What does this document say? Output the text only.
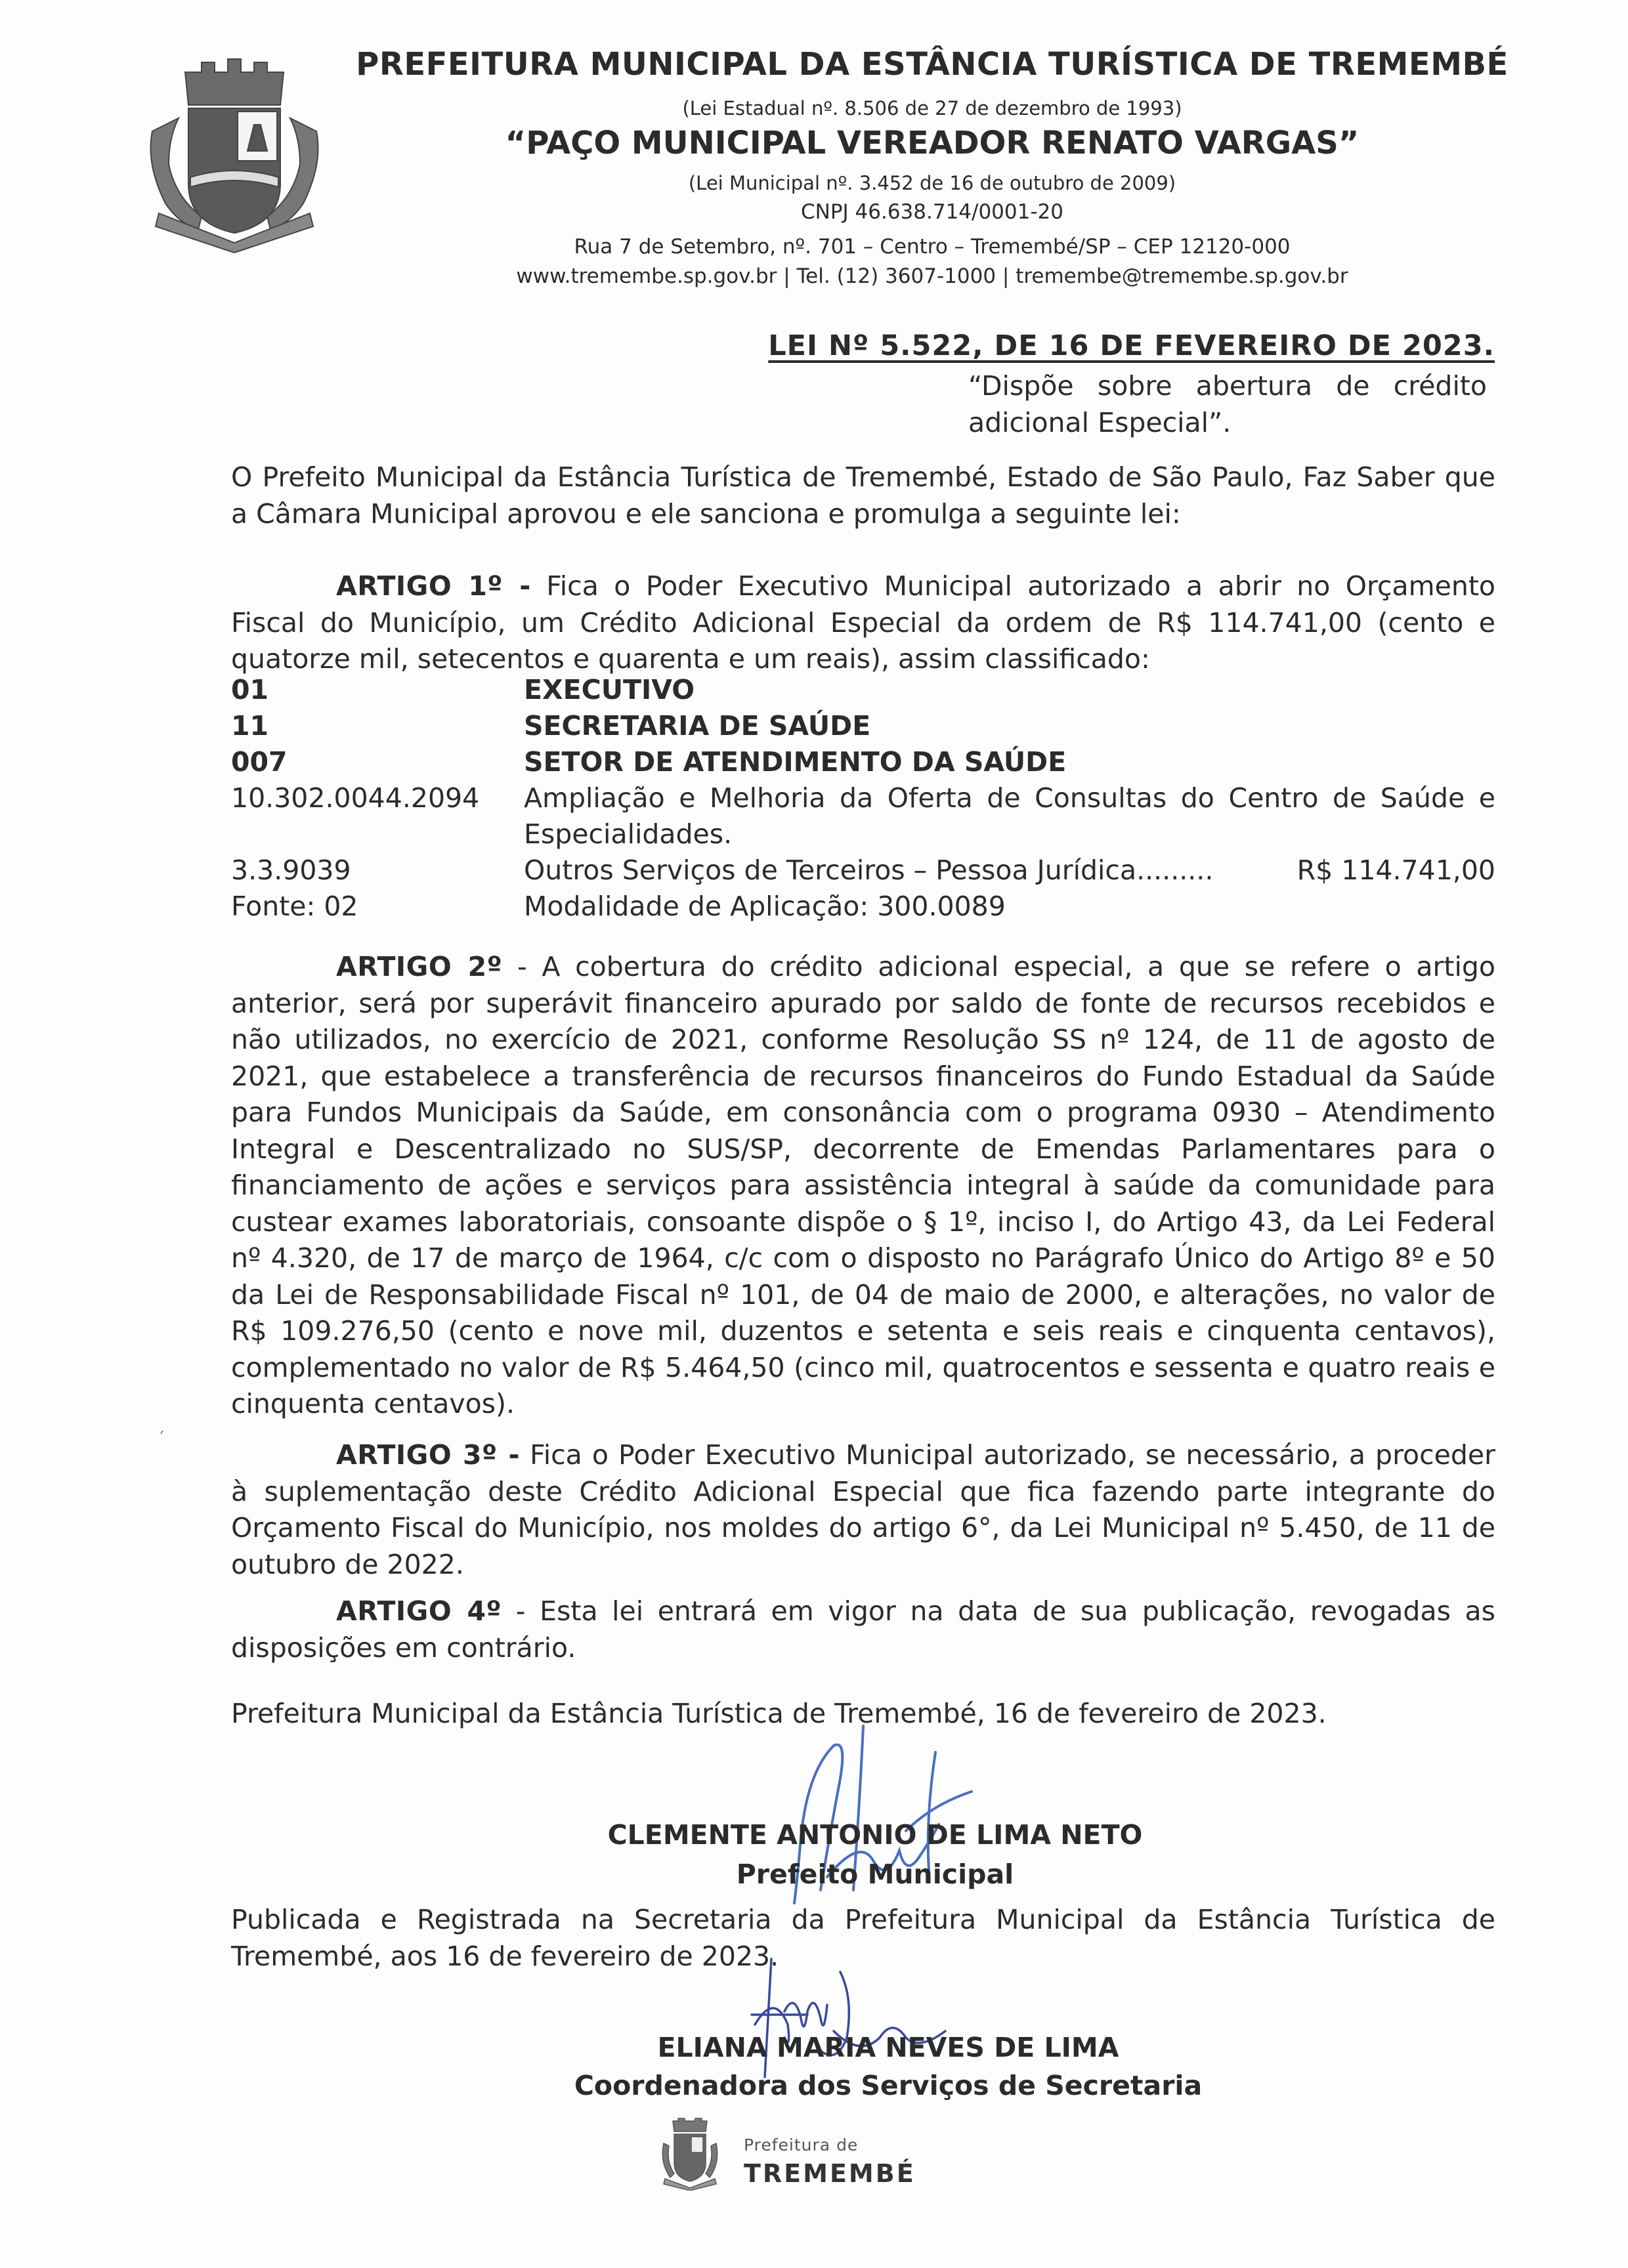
PREFEITURA MUNICIPAL DA ESTÂNCIA TURÍSTICA DE TREMEMBÉ
(Lei Estadual nº. 8.506 de 27 de dezembro de 1993)
“PAÇO MUNICIPAL VEREADOR RENATO VARGAS”
(Lei Municipal nº. 3.452 de 16 de outubro de 2009)
CNPJ 46.638.714/0001-20
Rua 7 de Setembro, nº. 701 – Centro – Tremembé/SP – CEP 12120-000
www.tremembe.sp.gov.br | Tel. (12) 3607-1000 | tremembe@tremembe.sp.gov.br
LEI Nº 5.522, DE 16 DE FEVEREIRO DE 2023.
“Dispõe sobre abertura de crédito adicional Especial”.
O Prefeito Municipal da Estância Turística de Tremembé, Estado de São Paulo, Faz Saber que a Câmara Municipal aprovou e ele sanciona e promulga a seguinte lei:
ARTIGO 1º - Fica o Poder Executivo Municipal autorizado a abrir no Orçamento Fiscal do Município, um Crédito Adicional Especial da ordem de R$ 114.741,00 (cento e quatorze mil, setecentos e quarenta e um reais), assim classificado:
01	EXECUTIVO
11	SECRETARIA DE SAÚDE
007	SETOR DE ATENDIMENTO DA SAÚDE
10.302.0044.2094	Ampliação e Melhoria da Oferta de Consultas do Centro de Saúde e Especialidades.
3.3.9039	Outros Serviços de Terceiros – Pessoa Jurídica.........	R$ 114.741,00
Fonte: 02	Modalidade de Aplicação: 300.0089
ARTIGO 2º - A cobertura do crédito adicional especial, a que se refere o artigo anterior, será por superávit financeiro apurado por saldo de fonte de recursos recebidos e não utilizados, no exercício de 2021, conforme Resolução SS nº 124, de 11 de agosto de 2021, que estabelece a transferência de recursos financeiros do Fundo Estadual da Saúde para Fundos Municipais da Saúde, em consonância com o programa 0930 – Atendimento Integral e Descentralizado no SUS/SP, decorrente de Emendas Parlamentares para o financiamento de ações e serviços para assistência integral à saúde da comunidade para custear exames laboratoriais, consoante dispõe o § 1º, inciso I, do Artigo 43, da Lei Federal nº 4.320, de 17 de março de 1964, c/c com o disposto no Parágrafo Único do Artigo 8º e 50 da Lei de Responsabilidade Fiscal nº 101, de 04 de maio de 2000, e alterações, no valor de R$ 109.276,50 (cento e nove mil, duzentos e setenta e seis reais e cinquenta centavos), complementado no valor de R$ 5.464,50 (cinco mil, quatrocentos e sessenta e quatro reais e cinquenta centavos).
′
ARTIGO 3º - Fica o Poder Executivo Municipal autorizado, se necessário, a proceder à suplementação deste Crédito Adicional Especial que fica fazendo parte integrante do Orçamento Fiscal do Município, nos moldes do artigo 6°, da Lei Municipal nº 5.450, de 11 de outubro de 2022.
ARTIGO 4º - Esta lei entrará em vigor na data de sua publicação, revogadas as disposições em contrário.
Prefeitura Municipal da Estância Turística de Tremembé, 16 de fevereiro de 2023.
CLEMENTE ANTONIO DE LIMA NETO
Prefeito Municipal
Publicada e Registrada na Secretaria da Prefeitura Municipal da Estância Turística de Tremembé, aos 16 de fevereiro de 2023.
ELIANA MARIA NEVES DE LIMA
Coordenadora dos Serviços de Secretaria
Prefeitura de
TREMEMBÉ
